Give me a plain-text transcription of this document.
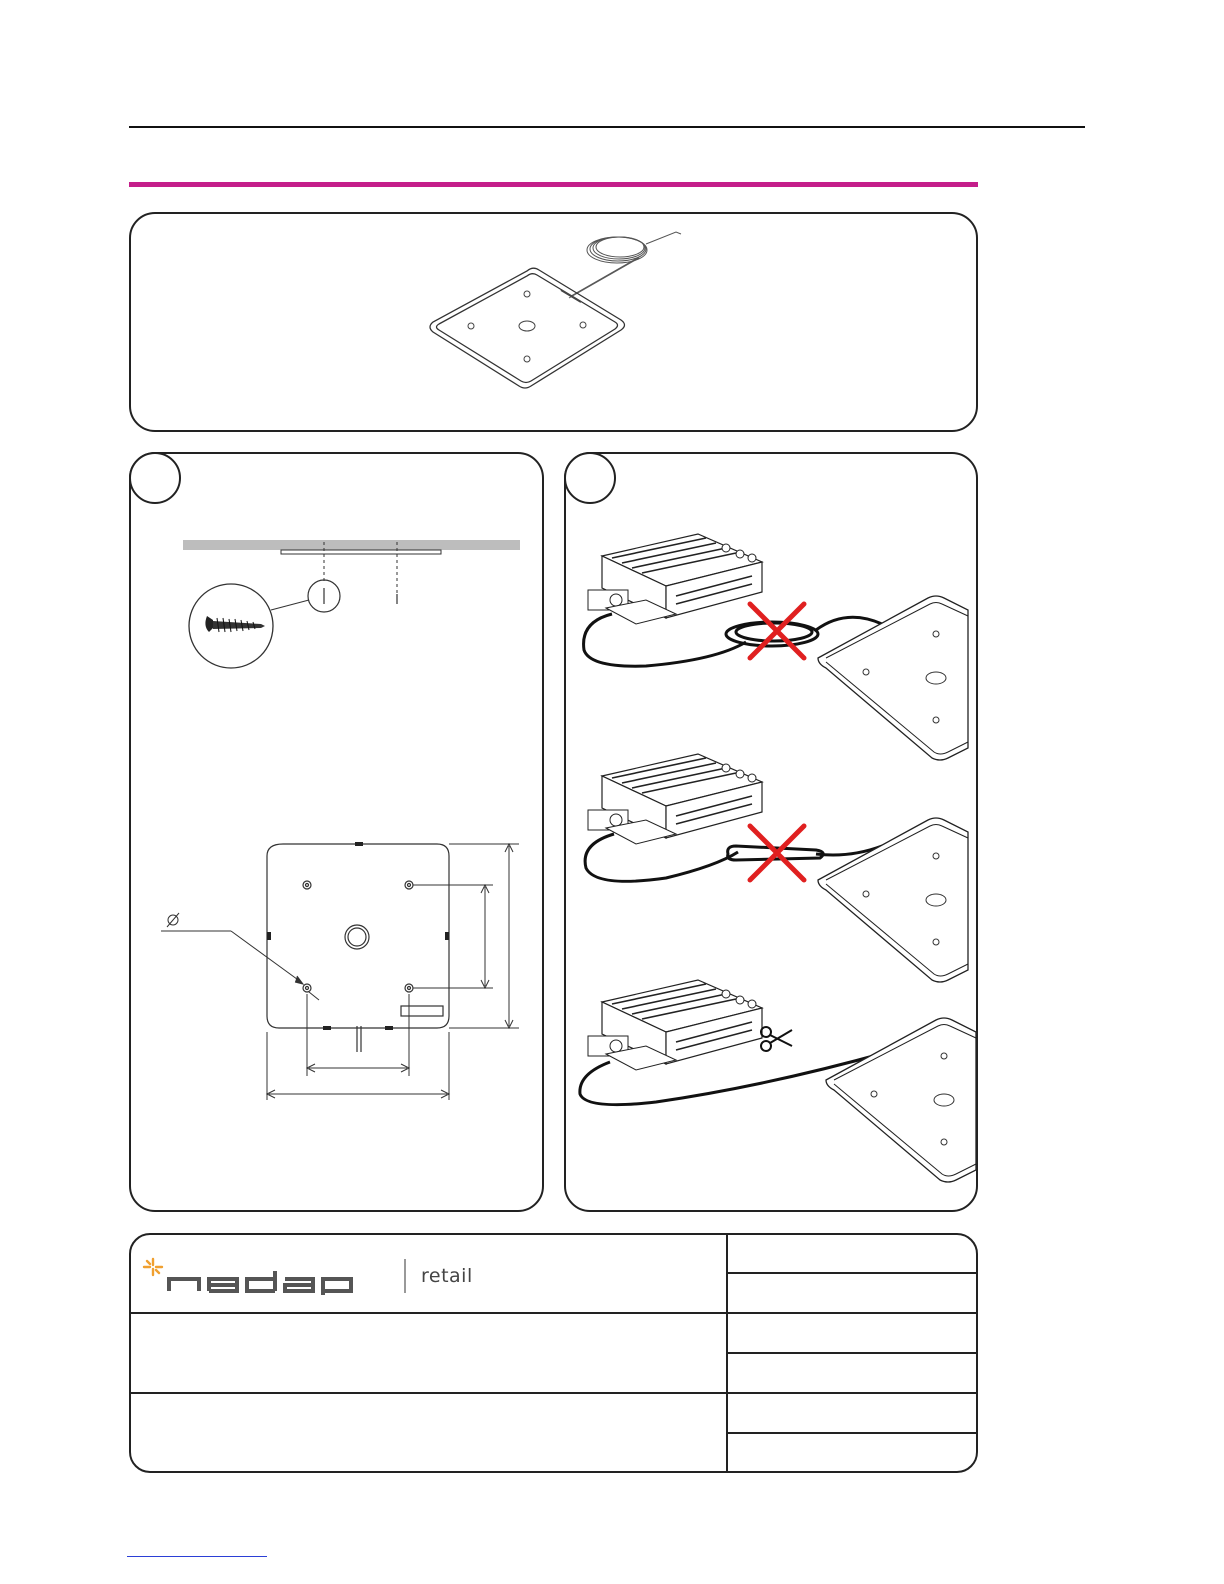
retail
